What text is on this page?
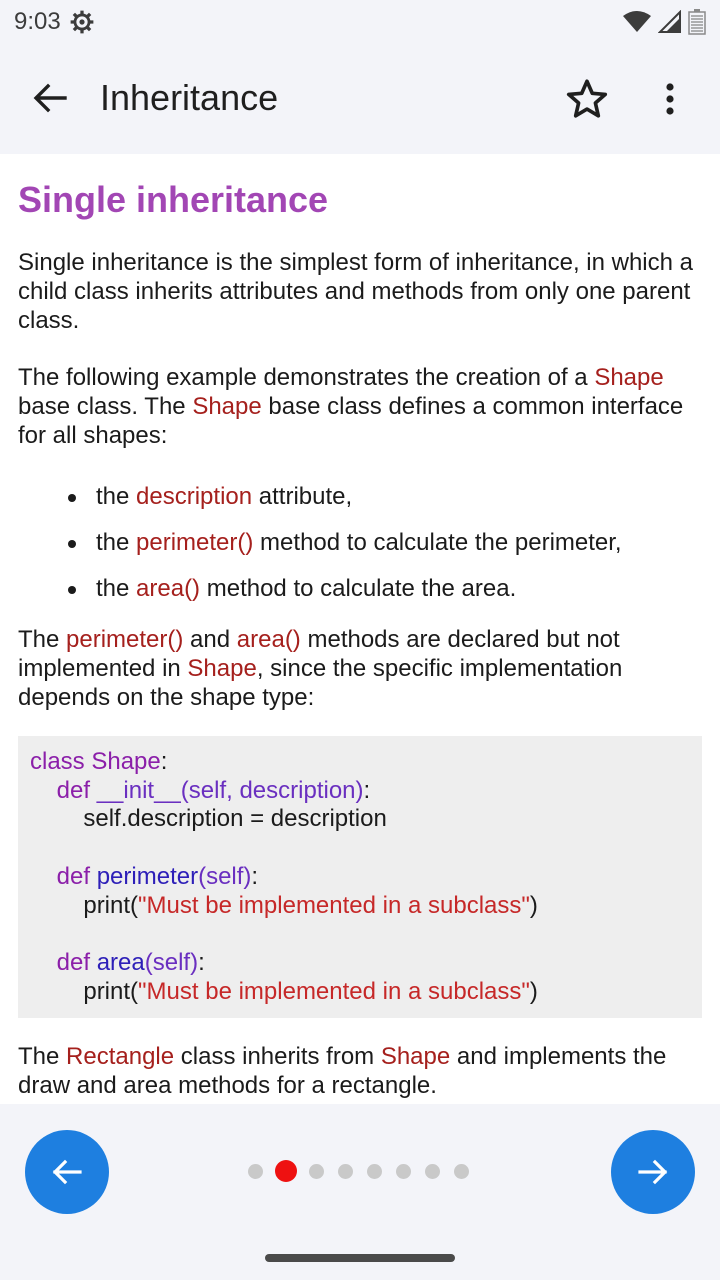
9:03
Inheritance
Single inheritance

Single inheritance is the simplest form of inheritance, in which a child class inherits attributes and methods from only one parent class.

The following example demonstrates the creation of a Shape base class. The Shape base class defines a common interface for all shapes:

the description attribute,
the perimeter() method to calculate the perimeter,
the area() method to calculate the area.

The perimeter() and area() methods are declared but not implemented in Shape, since the specific implementation depends on the shape type:

class Shape:
def __init__(self, description):
self.description = description

def perimeter(self):
print("Must be implemented in a subclass")

def area(self):
print("Must be implemented in a subclass")

The Rectangle class inherits from Shape and implements the draw and area methods for a rectangle.
